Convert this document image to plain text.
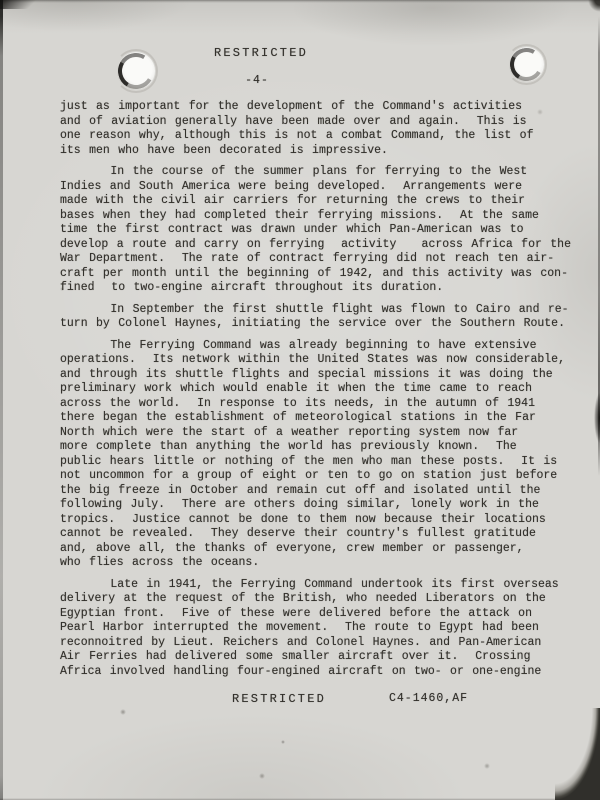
RESTRICTED
-4-
just as important for the development of the Command's activities
and of aviation generally have been made over and again.  This is
one reason why, although this is not a combat Command, the list of
its men who have been decorated is impressive.
In the course of the summer plans for ferrying to the West
Indies and South America were being developed.  Arrangements were
made with the civil air carriers for returning the crews to their
bases when they had completed their ferrying missions.  At the same
time the first contract was drawn under which Pan-American was to
develop a route and carry on ferrying  activity   across Africa for the
War Department.  The rate of contract ferrying did not reach ten air-
craft per month until the beginning of 1942, and this activity was con-
fined  to two-engine aircraft throughout its duration.
In September the first shuttle flight was flown to Cairo and re-
turn by Colonel Haynes, initiating the service over the Southern Route.
The Ferrying Command was already beginning to have extensive
operations.  Its network within the United States was now considerable,
and through its shuttle flights and special missions it was doing the
preliminary work which would enable it when the time came to reach
across the world.  In response to its needs, in the autumn of 1941
there began the establishment of meteorological stations in the Far
North which were the start of a weather reporting system now far
more complete than anything the world has previously known.  The
public hears little or nothing of the men who man these posts.  It is
not uncommon for a group of eight or ten to go on station just before
the big freeze in October and remain cut off and isolated until the
following July.  There are others doing similar, lonely work in the
tropics.  Justice cannot be done to them now because their locations
cannot be revealed.  They deserve their country's fullest gratitude
and, above all, the thanks of everyone, crew member or passenger,
who flies across the oceans.
Late in 1941, the Ferrying Command undertook its first overseas
delivery at the request of the British, who needed Liberators on the
Egyptian front.  Five of these were delivered before the attack on
Pearl Harbor interrupted the movement.  The route to Egypt had been
reconnoitred by Lieut. Reichers and Colonel Haynes. and Pan-American
Air Ferries had delivered some smaller aircraft over it.  Crossing
Africa involved handling four-engined aircraft on two- or one-engine
RESTRICTED	C4-1460,AF
